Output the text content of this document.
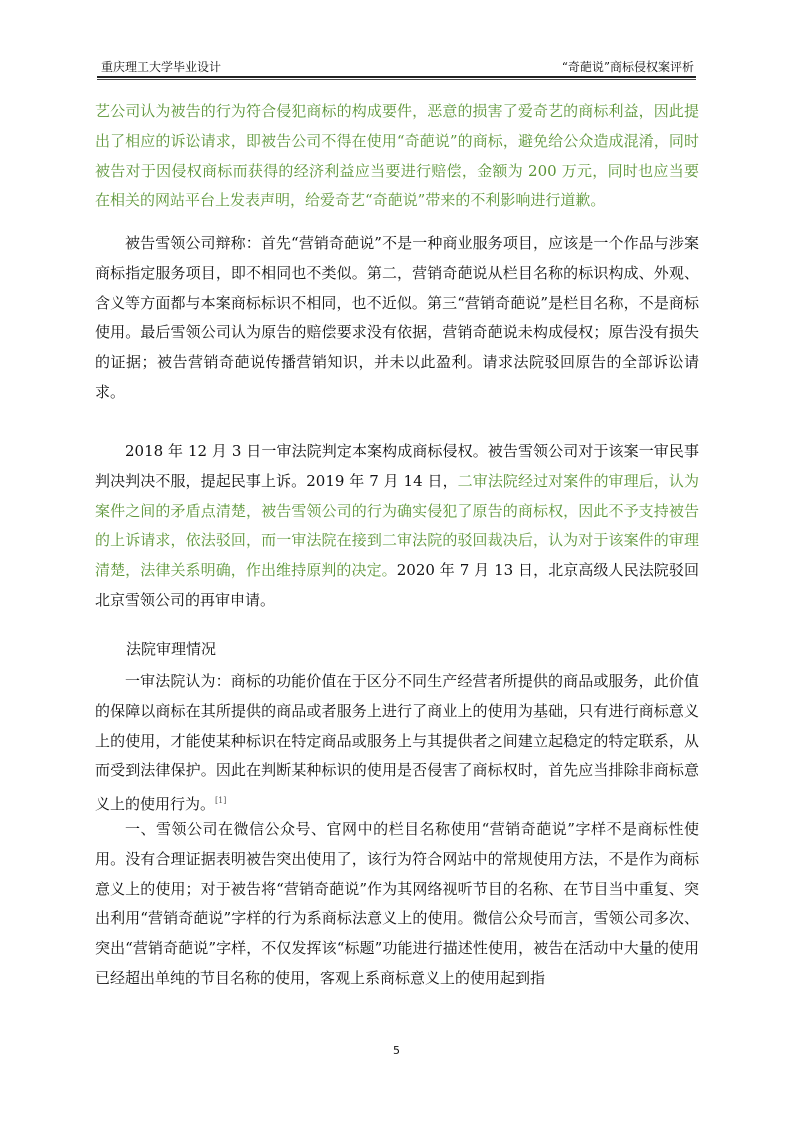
重庆理工大学毕业设计	“奇葩说”商标侵权案评析

艺公司认为被告的行为符合侵犯商标的构成要件，恶意的损害了爱奇艺的商标利益，因此提出了相应的诉讼请求，即被告公司不得在使用“奇葩说”的商标，避免给公众造成混淆，同时被告对于因侵权商标而获得的经济利益应当要进行赔偿，金额为 200 万元，同时也应当要在相关的网站平台上发表声明，给爱奇艺“奇葩说”带来的不利影响进行道歉。

被告雪领公司辩称：首先“营销奇葩说”不是一种商业服务项目，应该是一个作品与涉案商标指定服务项目，即不相同也不类似。第二，营销奇葩说从栏目名称的标识构成、外观、含义等方面都与本案商标标识不相同，也不近似。第三“营销奇葩说”是栏目名称，不是商标使用。最后雪领公司认为原告的赔偿要求没有依据，营销奇葩说未构成侵权；原告没有损失的证据；被告营销奇葩说传播营销知识，并未以此盈利。请求法院驳回原告的全部诉讼请求。

2018 年 12 月 3 日一审法院判定本案构成商标侵权。被告雪领公司对于该案一审民事判决判决不服，提起民事上诉。2019 年 7 月 14 日，二审法院经过对案件的审理后，认为案件之间的矛盾点清楚，被告雪领公司的行为确实侵犯了原告的商标权，因此不予支持被告的上诉请求，依法驳回，而一审法院在接到二审法院的驳回裁决后，认为对于该案件的审理清楚，法律关系明确，作出维持原判的决定。2020 年 7 月 13 日，北京高级人民法院驳回北京雪领公司的再审申请。

法院审理情况

一审法院认为：商标的功能价值在于区分不同生产经营者所提供的商品或服务，此价值的保障以商标在其所提供的商品或者服务上进行了商业上的使用为基础，只有进行商标意义上的使用，才能使某种标识在特定商品或服务上与其提供者之间建立起稳定的特定联系，从而受到法律保护。因此在判断某种标识的使用是否侵害了商标权时，首先应当排除非商标意义上的使用行为。[1]

一、雪领公司在微信公众号、官网中的栏目名称使用“营销奇葩说”字样不是商标性使用。没有合理证据表明被告突出使用了，该行为符合网站中的常规使用方法，不是作为商标意义上的使用；对于被告将“营销奇葩说”作为其网络视听节目的名称、在节目当中重复、突出利用“营销奇葩说”字样的行为系商标法意义上的使用。微信公众号而言，雪领公司多次、突出“营销奇葩说”字样，不仅发挥该“标题”功能进行描述性使用，被告在活动中大量的使用已经超出单纯的节目名称的使用，客观上系商标意义上的使用起到指

5
